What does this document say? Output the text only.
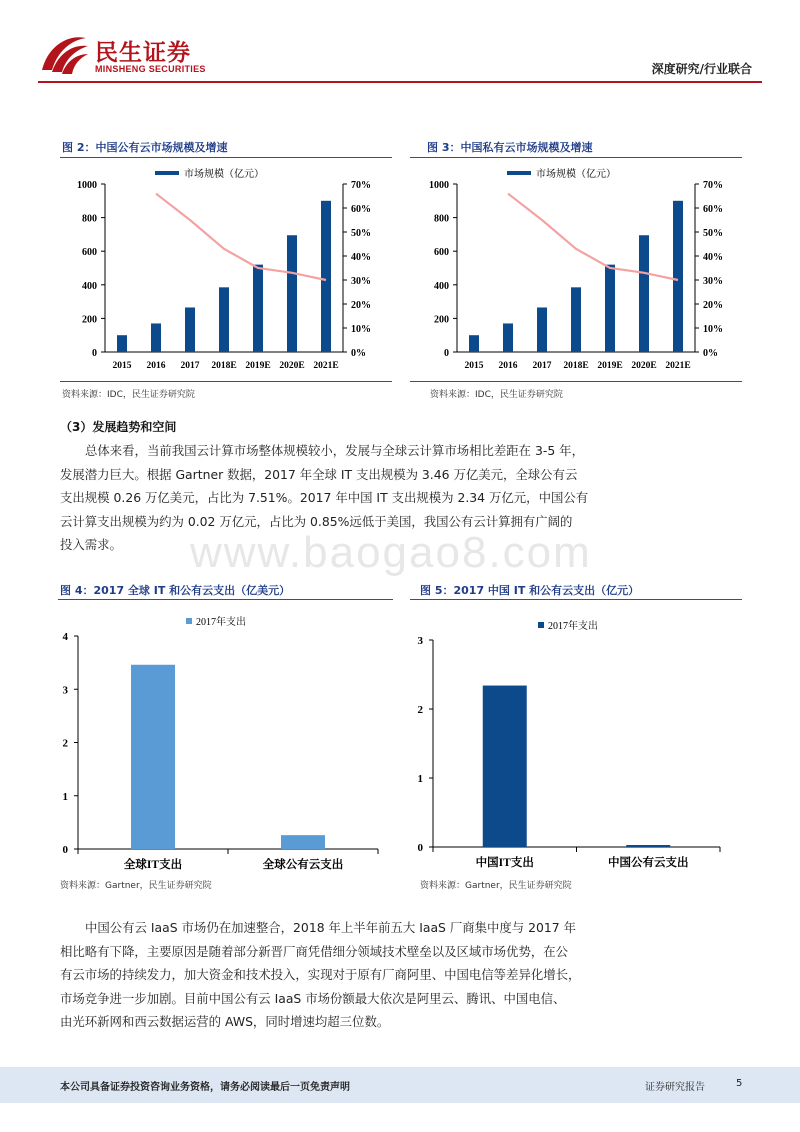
民生证券
MINSHENG SECURITIES	深度研究/行业联合
图 2：中国公有云市场规模及增速
0
200
400
600
800
1000
0%
10%
20%
30%
40%
50%
60%
70%
2015 2016 2017 2018E 2019E 2020E 2021E
市场规模（亿元）
资料来源：IDC，民生证券研究院
图 3：中国私有云市场规模及增速
0
200
400
600
800
1000
0%
10%
20%
30%
40%
50%
60%
70%
2015 2016 2017 2018E 2019E 2020E 2021E
市场规模（亿元）
资料来源：IDC，民生证券研究院
（3）发展趋势和空间
总体来看，当前我国云计算市场整体规模较小，发展与全球云计算市场相比差距在 3-5 年，
发展潜力巨大。根据 Gartner 数据，2017 年全球 IT 支出规模为 3.46 万亿美元，全球公有云
支出规模 0.26 万亿美元，占比为 7.51%。2017 年中国 IT 支出规模为 2.34 万亿元，中国公有
云计算支出规模为约为 0.02 万亿元，占比为 0.85%远低于美国，我国公有云计算拥有广阔的
投入需求。	www.baogao8.com
图 4：2017 全球 IT 和公有云支出（亿美元）
0
1
2
3
4
全球IT支出	全球公有云支出
2017年支出
资料来源：Gartner，民生证券研究院
图 5：2017 中国 IT 和公有云支出（亿元）
0
1
2
3
中国IT支出	中国公有云支出
2017年支出
资料来源：Gartner，民生证券研究院
中国公有云 IaaS 市场仍在加速整合，2018 年上半年前五大 IaaS 厂商集中度与 2017 年
相比略有下降，主要原因是随着部分新晋厂商凭借细分领域技术壁垒以及区域市场优势，在公
有云市场的持续发力，加大资金和技术投入，实现对于原有厂商阿里、中国电信等差异化增长，
市场竞争进一步加剧。目前中国公有云 IaaS 市场份额最大依次是阿里云、腾讯、中国电信、
由光环新网和西云数据运营的 AWS，同时增速均超三位数。
本公司具备证券投资咨询业务资格，请务必阅读最后一页免责声明	证券研究报告	5
